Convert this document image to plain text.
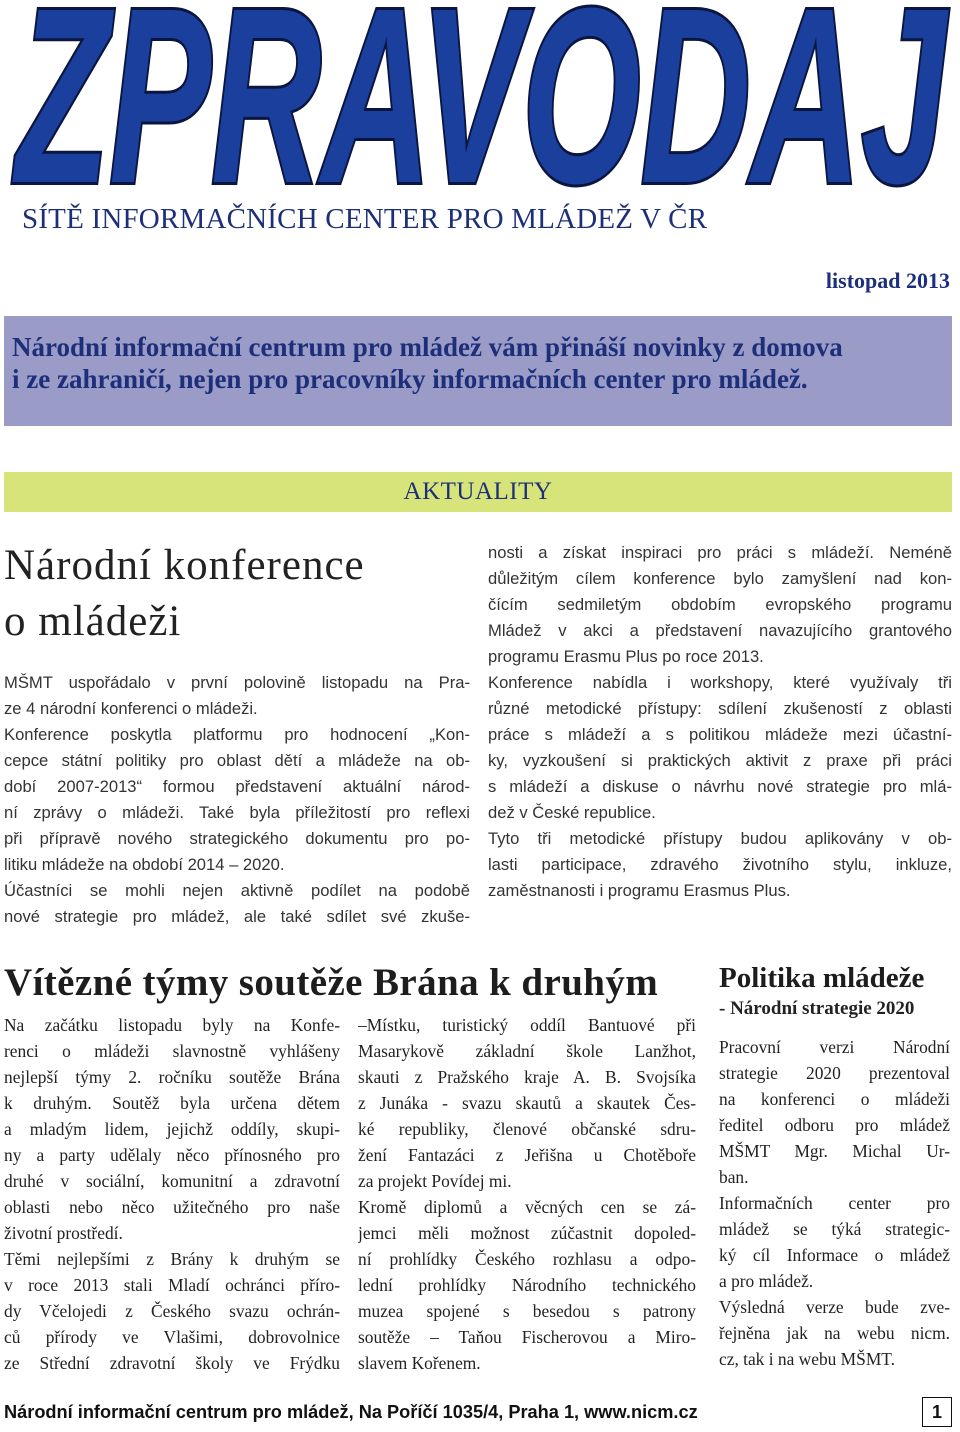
ZPRAVODAJ
SÍTĚ INFORMAČNÍCH CENTER PRO MLÁDEŽ V ČR
listopad 2013
Národní informační centrum pro mládež vám přináší novinky z domova
i ze zahraničí, nejen pro pracovníky informačních center pro mládež.
AKTUALITY
Národní konference
o mládeži
MŠMT uspořádalo v první polovině listopadu na Pra-
ze 4 národní konferenci o mládeži.
Konference poskytla platformu pro hodnocení „Kon-
cepce státní politiky pro oblast dětí a mládeže na ob-
dobí 2007-2013“ formou představení aktuální národ-
ní zprávy o mládeži. Také byla příležitostí pro reflexi
při přípravě nového strategického dokumentu pro po-
litiku mládeže na období 2014 – 2020.
Účastníci se mohli nejen aktivně podílet na podobě
nové strategie pro mládež, ale také sdílet své zkuše-
nosti a získat inspiraci pro práci s mládeží. Neméně
důležitým cílem konference bylo zamyšlení nad kon-
čícím sedmiletým obdobím evropského programu
Mládež v akci a představení navazujícího grantového
programu Erasmu Plus po roce 2013.
Konference nabídla i workshopy, které využívaly tři
různé metodické přístupy: sdílení zkušeností z oblasti
práce s mládeží a s politikou mládeže mezi účastní-
ky, vyzkoušení si praktických aktivit z praxe při práci
s mládeží a diskuse o návrhu nové strategie pro mlá-
dež v České republice.
Tyto tři metodické přístupy budou aplikovány v ob-
lasti participace, zdravého životního stylu, inkluze,
zaměstnanosti i programu Erasmus Plus.
Vítězné týmy soutěže Brána k druhým
Na začátku listopadu byly na Konfe-
renci o mládeži slavnostně vyhlášeny
nejlepší týmy 2. ročníku soutěže Brána
k druhým. Soutěž byla určena dětem
a mladým lidem, jejichž oddíly, skupi-
ny a party udělaly něco přínosného pro
druhé v sociální, komunitní a zdravotní
oblasti nebo něco užitečného pro naše
životní prostředí.
Těmi nejlepšími z Brány k druhým se
v roce 2013 stali Mladí ochránci příro-
dy Včelojedi z Českého svazu ochrán-
ců přírody ve Vlašimi, dobrovolnice
ze Střední zdravotní školy ve Frýdku
–Místku, turistický oddíl Bantuové při
Masarykově základní škole Lanžhot,
skauti z Pražského kraje A. B. Svojsíka
z Junáka - svazu skautů a skautek Čes-
ké republiky, členové občanské sdru-
žení Fantazáci z Jeřišna u Chotěboře
za projekt Povídej mi.
Kromě diplomů a věcných cen se zá-
jemci měli možnost zúčastnit dopoled-
ní prohlídky Českého rozhlasu a odpo-
lední prohlídky Národního technického
muzea spojené s besedou s patrony
soutěže – Taňou Fischerovou a Miro-
slavem Kořenem.
Politika mládeže
- Národní strategie 2020
Pracovní verzi Národní
strategie 2020 prezentoval
na konferenci o mládeži
ředitel odboru pro mládež
MŠMT Mgr. Michal Ur-
ban.
Informačních center pro
mládež se týká strategic-
ký cíl Informace o mládež
a pro mládež.
Výsledná verze bude zve-
řejněna jak na webu nicm.
cz, tak i na webu MŠMT.
Národní informační centrum pro mládež, Na Poříčí 1035/4, Praha 1, www.nicm.cz	1
